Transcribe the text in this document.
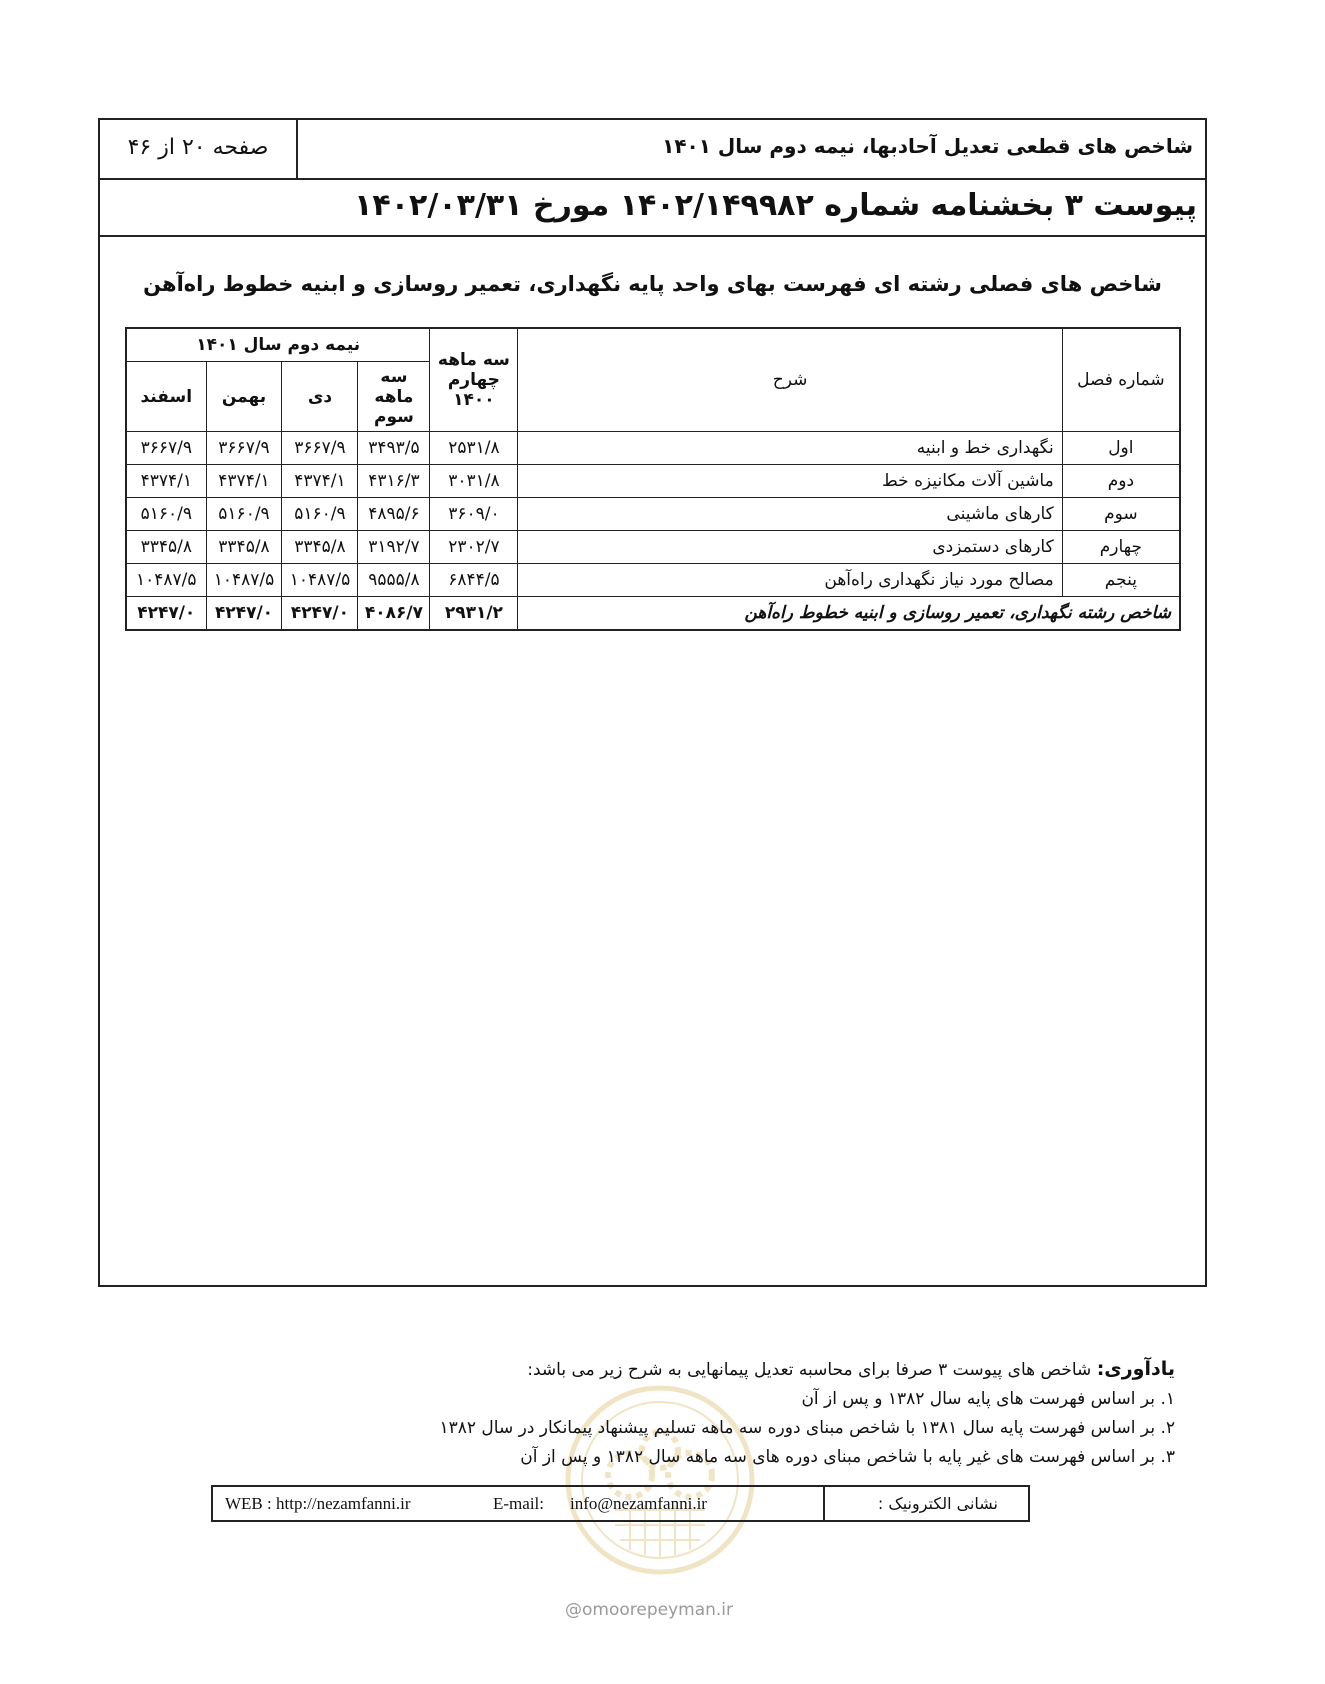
شاخص های قطعی تعدیل آحادبها، نیمه دوم سال ۱۴۰۱
صفحه ۲۰ از ۴۶
پیوست ۳ بخشنامه شماره ۱۴۰۲/۱۴۹۹۸۲ مورخ ۱۴۰۲/۰۳/۳۱
شاخص های فصلی رشته ای فهرست بهای واحد پایه نگهداری، تعمیر روسازی و ابنیه خطوط راه‌آهن
شماره فصل	شرح	سه ماهه چهارم ۱۴۰۰	نیمه دوم سال ۱۴۰۱			
			سه ماهه سوم	دی	بهمن	اسفند
اول	نگهداری خط و ابنیه	۲۵۳۱/۸	۳۴۹۳/۵	۳۶۶۷/۹	۳۶۶۷/۹	۳۶۶۷/۹
دوم	ماشین آلات مکانیزه خط	۳۰۳۱/۸	۴۳۱۶/۳	۴۳۷۴/۱	۴۳۷۴/۱	۴۳۷۴/۱
سوم	کارهای ماشینی	۳۶۰۹/۰	۴۸۹۵/۶	۵۱۶۰/۹	۵۱۶۰/۹	۵۱۶۰/۹
چهارم	کارهای دستمزدی	۲۳۰۲/۷	۳۱۹۲/۷	۳۳۴۵/۸	۳۳۴۵/۸	۳۳۴۵/۸
پنجم	مصالح مورد نیاز نگهداری راه‌آهن	۶۸۴۴/۵	۹۵۵۵/۸	۱۰۴۸۷/۵	۱۰۴۸۷/۵	۱۰۴۸۷/۵
شاخص رشته نگهداری، تعمیر روسازی و ابنیه خطوط راه‌آهن		۲۹۳۱/۲	۴۰۸۶/۷	۴۲۴۷/۰	۴۲۴۷/۰	۴۲۴۷/۰
یادآوری: شاخص های پیوست ۳ صرفا برای محاسبه تعدیل پیمانهایی به شرح زیر می باشد:
۱. بر اساس فهرست های پایه سال ۱۳۸۲ و پس از آن
۲. بر اساس فهرست پایه سال ۱۳۸۱ با شاخص مبنای دوره سه ماهه تسلیم پیشنهاد پیمانکار در سال ۱۳۸۲
۳. بر اساس فهرست های غیر پایه با شاخص مبنای دوره های سه ماهه سال ۱۳۸۲ و پس از آن
نشانی الکترونیک :
WEB : http://nezamfanni.ir	E-mail: info@nezamfanni.ir
@omoorepeyman.ir
